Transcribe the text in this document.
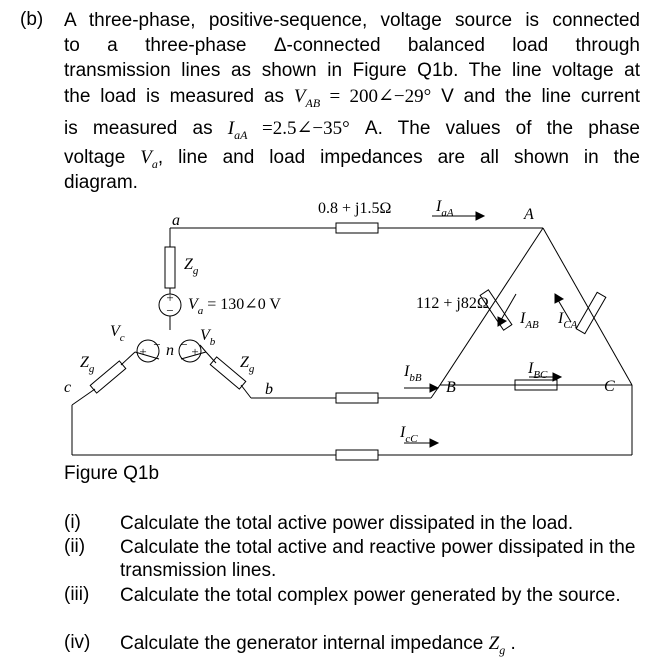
(b) A three-phase, positive-sequence, voltage source is connected
to a three-phase Δ-connected balanced load through
transmission lines as shown in Figure Q1b. The line voltage at
the load is measured as $V_{AB}$ = 200∠−29° V and the line current
is measured as $I_{aA}$ =2.5∠−35° A. The values of the phase
voltage $V_a$, line and load impedances are all shown in the
diagram.
+
−
+ − +
−
a
$Z_g$
$V_a$ = 130∠0 V
$V_c$	$V_b$
n
$Z_g$
b
$Z_g$
c
0.8 + j1.5Ω	$I_{aA}$	A
112 + j82Ω
$I_{AB}$ $I_{CA}$
$I_{bB}$
B
$I_{BC}$
C
$I_{cC}$
Figure Q1b
(i) Calculate the total active power dissipated in the load.
(ii) Calculate the total active and reactive power dissipated in the transmission lines.
(iii) Calculate the total complex power generated by the source.
(iv) Calculate the generator internal impedance $Z_g$ .
